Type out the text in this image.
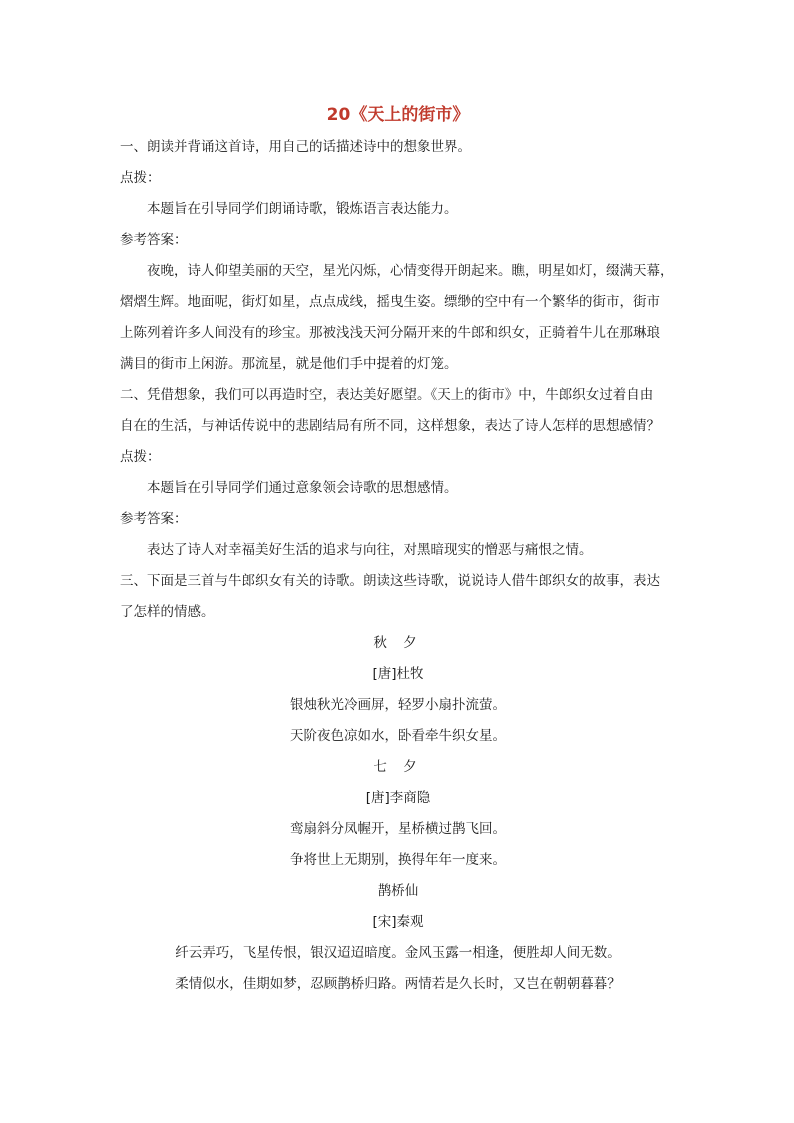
20《天上的街市》
一、朗读并背诵这首诗，用自己的话描述诗中的想象世界。
点拨：
本题旨在引导同学们朗诵诗歌，锻炼语言表达能力。
参考答案：
夜晚，诗人仰望美丽的天空，星光闪烁，心情变得开朗起来。瞧，明星如灯，缀满天幕，
熠熠生辉。地面呢，街灯如星，点点成线，摇曳生姿。缥缈的空中有一个繁华的街市，街市
上陈列着许多人间没有的珍宝。那被浅浅天河分隔开来的牛郎和织女，正骑着牛儿在那琳琅
满目的街市上闲游。那流星，就是他们手中提着的灯笼。
二、凭借想象，我们可以再造时空，表达美好愿望。《天上的街市》中，牛郎织女过着自由
自在的生活，与神话传说中的悲剧结局有所不同，这样想象，表达了诗人怎样的思想感情？
点拨：
本题旨在引导同学们通过意象领会诗歌的思想感情。
参考答案：
表达了诗人对幸福美好生活的追求与向往，对黑暗现实的憎恶与痛恨之情。
三、下面是三首与牛郎织女有关的诗歌。朗读这些诗歌，说说诗人借牛郎织女的故事，表达
了怎样的情感。
秋 夕
[唐]杜牧
银烛秋光冷画屏，轻罗小扇扑流萤。
天阶夜色凉如水，卧看牵牛织女星。
七 夕
[唐]李商隐
鸾扇斜分凤幄开，星桥横过鹊飞回。
争将世上无期别，换得年年一度来。
鹊桥仙
[宋]秦观
纤云弄巧，飞星传恨，银汉迢迢暗度。金风玉露一相逢，便胜却人间无数。
柔情似水，佳期如梦，忍顾鹊桥归路。两情若是久长时，又岂在朝朝暮暮？
